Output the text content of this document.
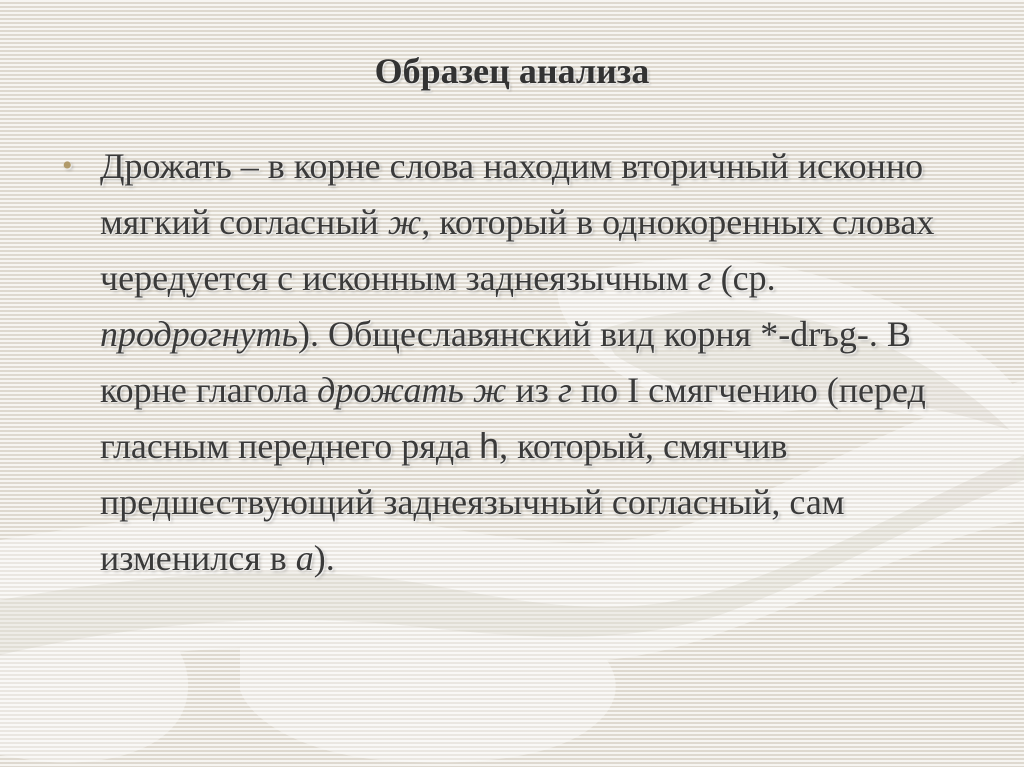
Образец анализа
• Дрожать – в корне слова находим вторичный исконно мягкий согласный ж, который в однокоренных словах чередуется с исконным заднеязычным г (ср. продрогнуть). Общеславянский вид корня *-drъg-. В корне глагола дрожать ж из г по I смягчению (перед гласным переднего ряда h, который, смягчив предшествующий заднеязычный согласный, сам изменился в а).
